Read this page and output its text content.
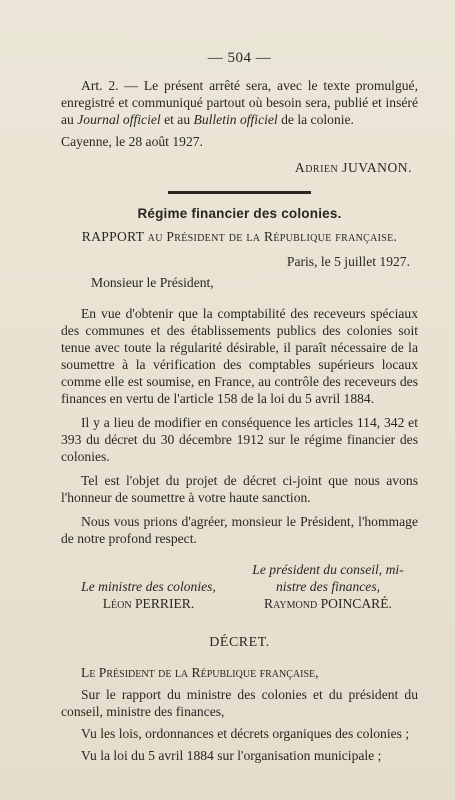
— 504 —

Art. 2. — Le présent arrêté sera, avec le texte promulgué, enregistré et communiqué partout où besoin sera, publié et inséré au Journal officiel et au Bulletin officiel de la colonie.

Cayenne, le 28 août 1927.

Adrien JUVANON.

Régime financier des colonies.
RAPPORT au Président de la République française.

Paris, le 5 juillet 1927.

Monsieur le Président,

En vue d'obtenir que la comptabilité des receveurs spéciaux des communes et des établissements publics des colonies soit tenue avec toute la régularité désirable, il paraît nécessaire de la soumettre à la vérification des comptables supérieurs locaux comme elle est soumise, en France, au contrôle des receveurs des finances en vertu de l'article 158 de la loi du 5 avril 1884.

Il y a lieu de modifier en conséquence les articles 114, 342 et 393 du décret du 30 décembre 1912 sur le régime financier des colonies.

Tel est l'objet du projet de décret ci-joint que nous avons l'honneur de soumettre à votre haute sanction.

Nous vous prions d'agréer, monsieur le Président, l'hommage de notre profond respect.

Le ministre des colonies,
Léon PERRIER.
Le président du conseil, mi-
nistre des finances,
Raymond POINCARÉ.
DÉCRET.

Le Président de la République française,

Sur le rapport du ministre des colonies et du président du conseil, ministre des finances,

Vu les lois, ordonnances et décrets organiques des colonies ;

Vu la loi du 5 avril 1884 sur l'organisation municipale ;
